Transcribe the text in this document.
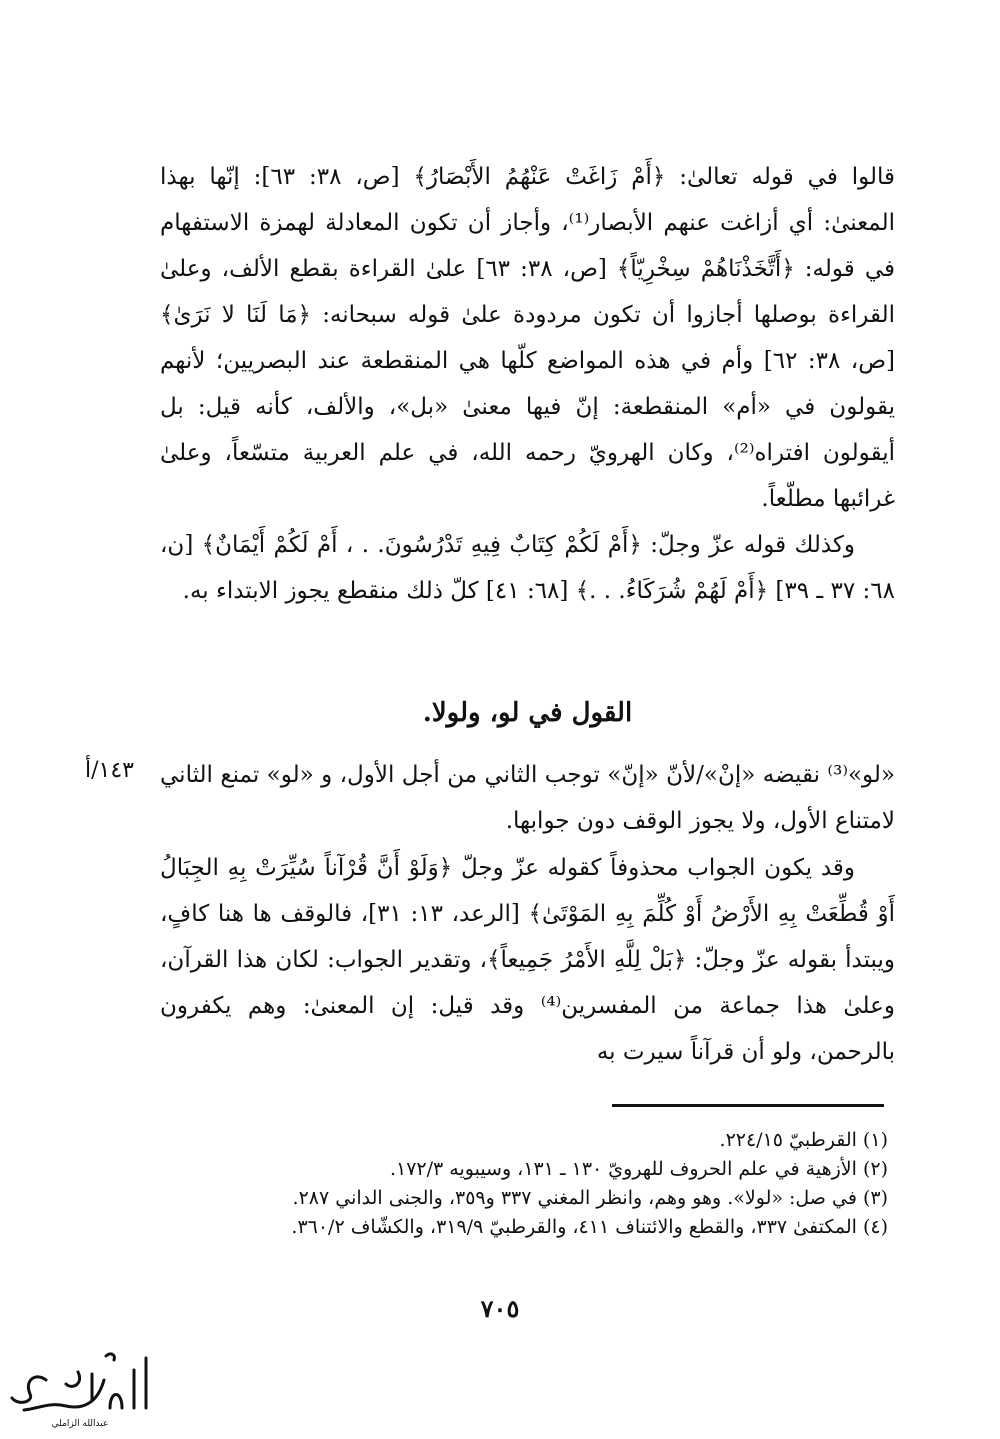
قالوا في قوله تعالىٰ: ﴿أَمْ زَاغَتْ عَنْهُمُ الأَبْصَارُ﴾ [ص، ٣٨: ٦٣]: إنّها بهذا المعنىٰ: أي أزاغت عنهم الأبصار⁽¹⁾، وأجاز أن تكون المعادلة لهمزة الاستفهام في قوله: ﴿أَتَّخَذْنَاهُمْ سِخْرِيّاً﴾ [ص، ٣٨: ٦٣] علىٰ القراءة بقطع الألف، وعلىٰ القراءة بوصلها أجازوا أن تكون مردودة علىٰ قوله سبحانه: ﴿مَا لَنَا لا نَرَىٰ﴾ [ص، ٣٨: ٦٢] وأم في هذه المواضع كلّها هي المنقطعة عند البصريين؛ لأنهم يقولون في «أم» المنقطعة: إنّ فيها معنىٰ «بل»، والألف، كأنه قيل: بل أيقولون افتراه⁽²⁾، وكان الهرويّ رحمه الله، في علم العربية متسّعاً، وعلىٰ غرائبها مطلّعاً.

وكذلك قوله عزّ وجلّ: ﴿أَمْ لَكُمْ كِتَابٌ فِيهِ تَدْرُسُونَ. . ، أَمْ لَكُمْ أَيْمَانٌ﴾ [ن، ٦٨: ٣٧ ـ ٣٩] ﴿أَمْ لَهُمْ شُرَكَاءُ. . .﴾ [٦٨: ٤١] كلّ ذلك منقطع يجوز الابتداء به.

القول في لو، ولولا.
١٤٣/أ «لو»⁽³⁾ نقيضه «إنْ»/لأنّ «إنّ» توجب الثاني من أجل الأول، و «لو» تمنع الثاني لامتناع الأول، ولا يجوز الوقف دون جوابها.

وقد يكون الجواب محذوفاً كقوله عزّ وجلّ ﴿وَلَوْ أَنَّ قُرْآناً سُيِّرَتْ بِهِ الجِبَالُ أَوْ قُطِّعَتْ بِهِ الأَرْضُ أَوْ كُلِّمَ بِهِ المَوْتَىٰ﴾ [الرعد، ١٣: ٣١]، فالوقف ها هنا كافٍ، ويبتدأ بقوله عزّ وجلّ: ﴿بَلْ لِلَّهِ الأَمْرُ جَمِيعاً﴾، وتقدير الجواب: لكان هذا القرآن، وعلىٰ هذا جماعة من المفسرين⁽⁴⁾ وقد قيل: إن المعنىٰ: وهم يكفرون بالرحمن، ولو أن قرآناً سيرت به

(١) القرطبيّ ٢٢٤/١٥.

(٢) الأزهية في علم الحروف للهرويّ ١٣٠ ـ ١٣١، وسيبويه ١٧٢/٣.

(٣) في صل: «لولا». وهو وهم، وانظر المغني ٣٣٧ و٣٥٩، والجنى الداني ٢٨٧.

(٤) المكتفىٰ ٣٣٧، والقطع والائتناف ٤١١، والقرطبيّ ٣١٩/٩، والكشّاف ٣٦٠/٢.

٧٠٥
عبدالله الزاملي
